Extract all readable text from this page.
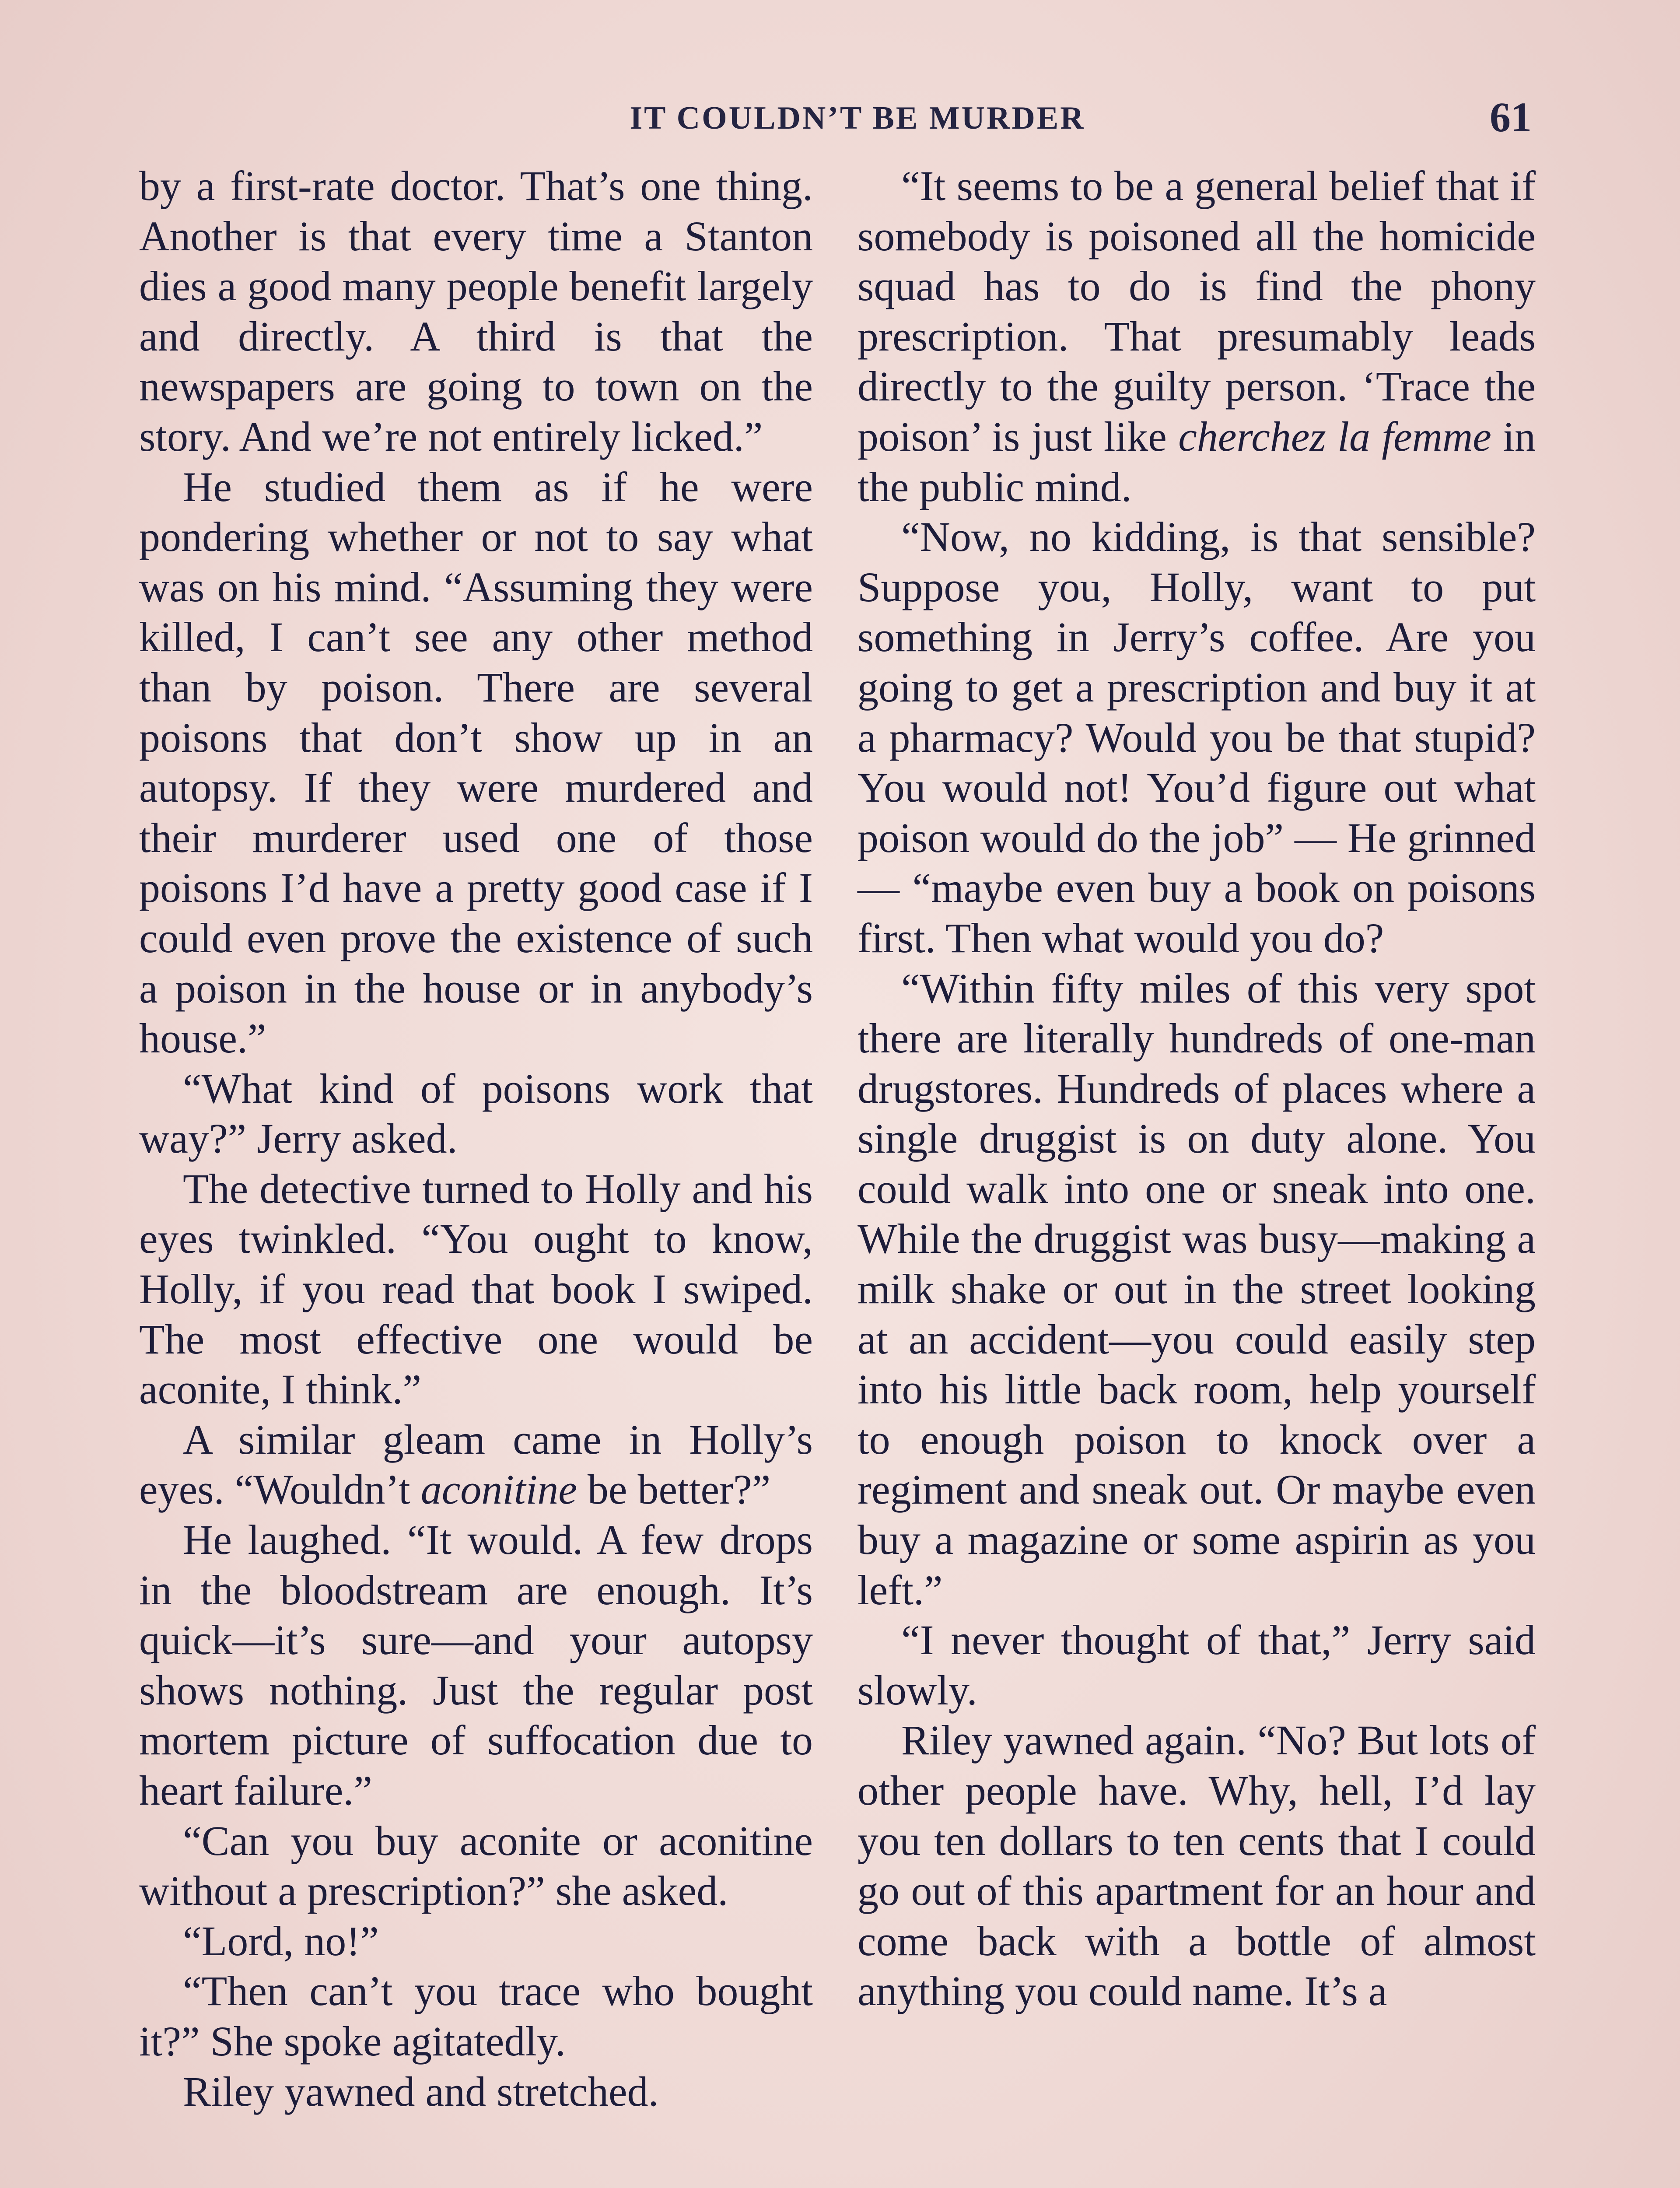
IT COULDN’T BE MURDER	61

by a first-rate doctor. That’s one thing. Another is that every time a Stanton dies a good many people benefit largely and directly. A third is that the newspapers are going to town on the story. And we’re not entirely licked.”

He studied them as if he were pondering whether or not to say what was on his mind. “Assuming they were killed, I can’t see any other method than by poison. There are several poisons that don’t show up in an autopsy. If they were murdered and their murderer used one of those poisons I’d have a pretty good case if I could even prove the existence of such a poison in the house or in anybody’s house.”

“What kind of poisons work that way?” Jerry asked.

The detective turned to Holly and his eyes twinkled. “You ought to know, Holly, if you read that book I swiped. The most effective one would be aconite, I think.”

A similar gleam came in Holly’s eyes. “Wouldn’t aconitine be better?”

He laughed. “It would. A few drops in the bloodstream are enough. It’s quick—it’s sure—and your autopsy shows nothing. Just the regular post mortem picture of suffocation due to heart failure.”

“Can you buy aconite or aconitine without a prescription?” she asked.

“Lord, no!”

“Then can’t you trace who bought it?” She spoke agitatedly.

Riley yawned and stretched.

“It seems to be a general belief that if somebody is poisoned all the homicide squad has to do is find the phony prescription. That presumably leads directly to the guilty person. ‘Trace the poison’ is just like cherchez la femme in the public mind.

“Now, no kidding, is that sensible? Suppose you, Holly, want to put something in Jerry’s coffee. Are you going to get a prescription and buy it at a pharmacy? Would you be that stupid? You would not! You’d figure out what poison would do the job” — He grinned — “maybe even buy a book on poisons first. Then what would you do?

“Within fifty miles of this very spot there are literally hundreds of one-man drugstores. Hundreds of places where a single druggist is on duty alone. You could walk into one or sneak into one. While the druggist was busy—making a milk shake or out in the street looking at an accident—you could easily step into his little back room, help yourself to enough poison to knock over a regiment and sneak out. Or maybe even buy a magazine or some aspirin as you left.”

“I never thought of that,” Jerry said slowly.

Riley yawned again. “No? But lots of other people have. Why, hell, I’d lay you ten dollars to ten cents that I could go out of this apartment for an hour and come back with a bottle of almost anything you could name. It’s a
